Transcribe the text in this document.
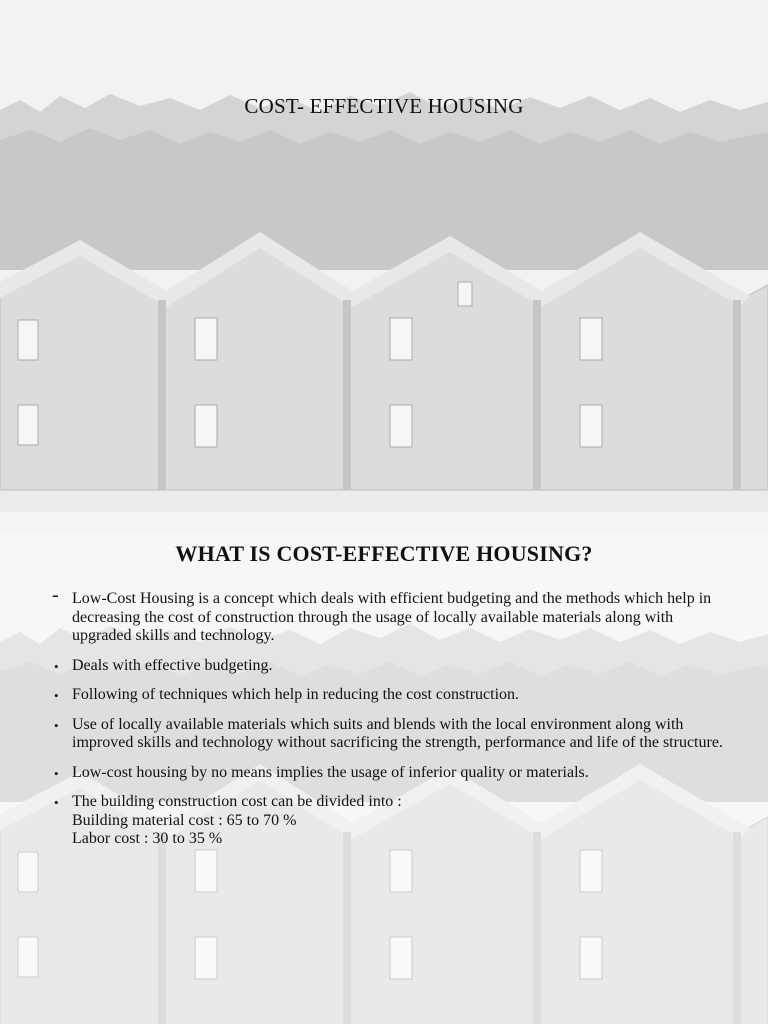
COST- EFFECTIVE HOUSING
WHAT IS COST-EFFECTIVE HOUSING?
- Low-Cost Housing is a concept which deals with efficient budgeting and the methods which help in decreasing the cost of construction through the usage of locally available materials along with upgraded skills and technology.
• Deals with effective budgeting.
• Following of techniques which help in reducing the cost construction.
• Use of locally available materials which suits and blends with the local environment along with improved skills and technology without sacrificing the strength, performance and life of the structure.
• Low-cost housing by no means implies the usage of inferior quality or materials.
• The building construction cost can be divided into :
Building material cost : 65 to 70 %
Labor cost : 30 to 35 %
